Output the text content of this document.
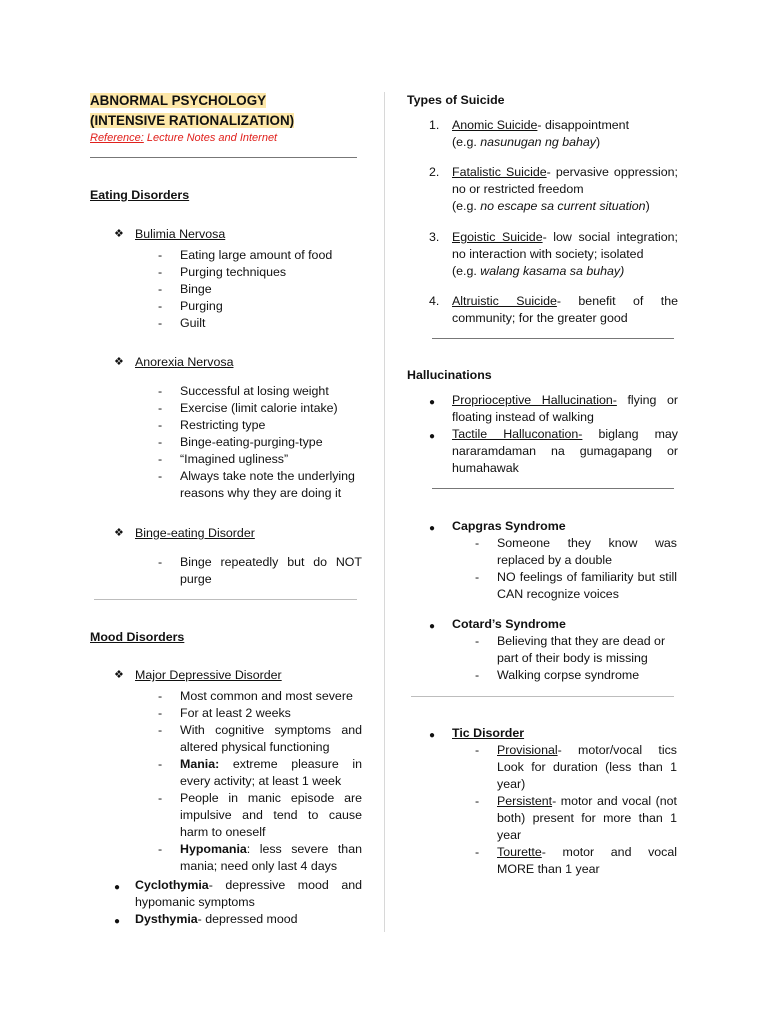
ABNORMAL PSYCHOLOGY
(INTENSIVE RATIONALIZATION)
Reference: Lecture Notes and Internet
Eating Disorders
❖ Bulimia Nervosa
- Eating large amount of food
- Purging techniques
- Binge
- Purging
- Guilt
❖ Anorexia Nervosa
- Successful at losing weight
- Exercise (limit calorie intake)
- Restricting type
- Binge-eating-purging-type
- “Imagined ugliness”
- Always take note the underlying reasons why they are doing it
❖ Binge-eating Disorder
- Binge repeatedly but do NOT purge
Mood Disorders
❖ Major Depressive Disorder
- Most common and most severe
- For at least 2 weeks
- With cognitive symptoms and altered physical functioning
- Mania: extreme pleasure in every activity; at least 1 week
- People in manic episode are impulsive and tend to cause harm to oneself
- Hypomania: less severe than mania; need only last 4 days
● Cyclothymia- depressive mood and hypomanic symptoms
● Dysthymia- depressed mood
Types of Suicide
1. Anomic Suicide- disappointment
(e.g. nasunugan ng bahay)
2. Fatalistic Suicide- pervasive oppression; no or restricted freedom
(e.g. no escape sa current situation)
3. Egoistic Suicide- low social integration; no interaction with society; isolated
(e.g. walang kasama sa buhay)
4. Altruistic Suicide- benefit of the community; for the greater good
Hallucinations
● Proprioceptive Hallucination- flying or floating instead of walking
● Tactile Halluconation- biglang may nararamdaman na gumagapang or humahawak
● Capgras Syndrome
- Someone they know was replaced by a double
- NO feelings of familiarity but still CAN recognize voices
● Cotard’s Syndrome
- Believing that they are dead or part of their body is missing
- Walking corpse syndrome
● Tic Disorder
- Provisional- motor/vocal tics Look for duration (less than 1 year)
- Persistent- motor and vocal (not both) present for more than 1 year
- Tourette- motor and vocal MORE than 1 year
